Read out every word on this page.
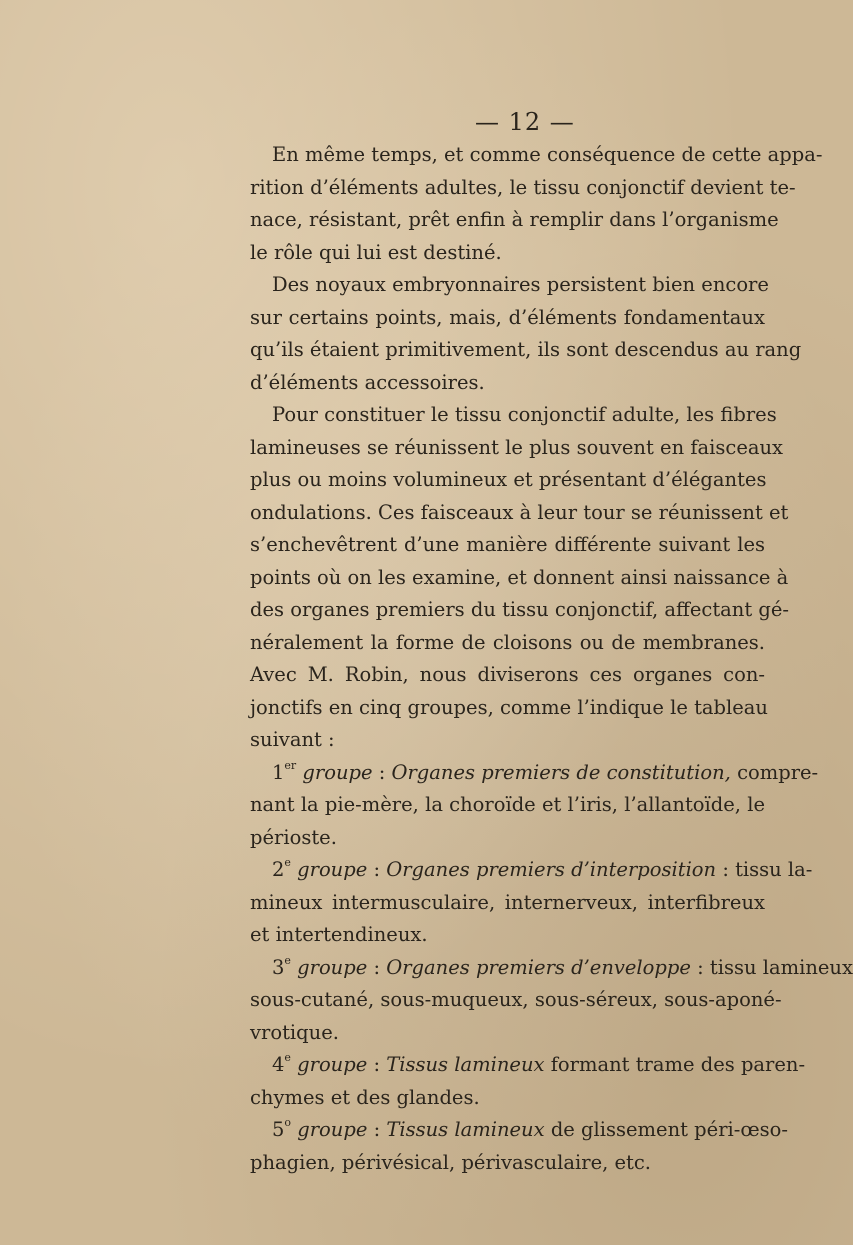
— 12 —
En même temps, et comme conséquence de cette appa-
rition d’éléments adultes, le tissu conjonctif devient te-
nace, résistant, prêt enfin à remplir dans l’organisme
le rôle qui lui est destiné.
Des noyaux embryonnaires persistent bien encore
sur certains points, mais, d’éléments fondamentaux
qu’ils étaient primitivement, ils sont descendus au rang
d’éléments accessoires.
Pour constituer le tissu conjonctif adulte, les fibres
lamineuses se réunissent le plus souvent en faisceaux
plus ou moins volumineux et présentant d’élégantes
ondulations. Ces faisceaux à leur tour se réunissent et
s’enchevêtrent d’une manière différente suivant les
points où on les examine, et donnent ainsi naissance à
des organes premiers du tissu conjonctif, affectant gé-
néralement la forme de cloisons ou de membranes.
Avec M. Robin, nous diviserons ces organes con-
jonctifs en cinq groupes, comme l’indique le tableau
suivant :
1er groupe : Organes premiers de constitution, compre-
nant la pie-mère, la choroïde et l’iris, l’allantoïde, le
périoste.
2e groupe : Organes premiers d’interposition : tissu la-
mineux intermusculaire, internerveux, interfibreux
et intertendineux.
3e groupe : Organes premiers d’enveloppe : tissu lamineux
sous-cutané, sous-muqueux, sous-séreux, sous-aponé-
vrotique.
4e groupe : Tissus lamineux formant trame des paren-
chymes et des glandes.
5$^o$ groupe : Tissus lamineux de glissement péri-œso-
phagien, périvésical, périvasculaire, etc.
